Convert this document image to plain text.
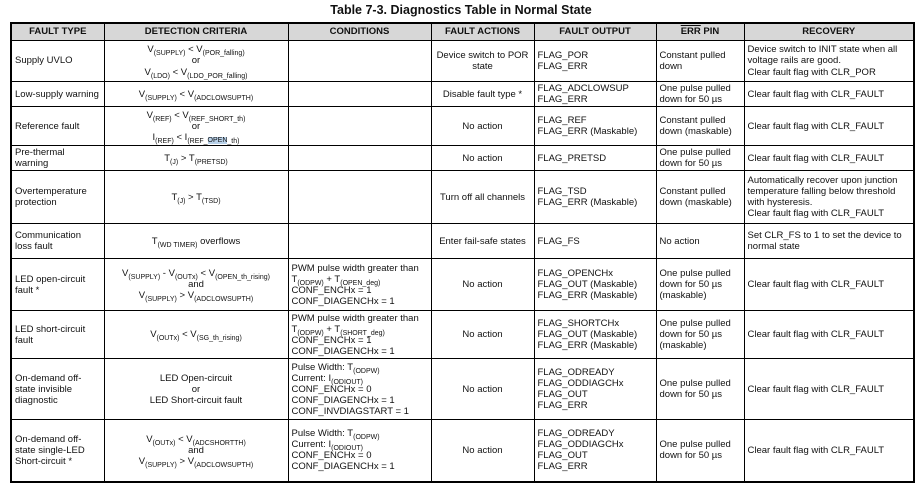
Table 7-3. Diagnostics Table in Normal State
FAULT TYPE	DETECTION CRITERIA	CONDITIONS	FAULT ACTIONS	FAULT OUTPUT	$\overline{ERR}$ PIN	RECOVERY

Supply UVLO	$V_{(SUPPLY)} < V_{(POR\_falling)}$
or
$V_{(LDO)} < V_{(LDO\_POR\_falling)}$		Device switch to POR state	FLAG_POR
FLAG_ERR	Constant pulled down	Device switch to INIT state when all voltage rails are good.
Clear fault flag with CLR_POR

Low-supply warning	$V_{(SUPPLY)} < V_{(ADCLOWSUPTH)}$		Disable fault type *	FLAG_ADCLOWSUP
FLAG_ERR	One pulse pulled down for 50 µs	Clear fault flag with CLR_FAULT

Reference fault	$V_{(REF)} < V_{(REF\_SHORT\_th)}$
or
$I_{(REF)} < I_{(REF\_OPEN\_th)}$		No action	FLAG_REF
FLAG_ERR (Maskable)	Constant pulled down (maskable)	Clear fault flag with CLR_FAULT

Pre-thermal warning	$T_{(J)} > T_{(PRETSD)}$		No action	FLAG_PRETSD	One pulse pulled down for 50 µs	Clear fault flag with CLR_FAULT

Overtemperature protection	$T_{(J)} > T_{(TSD)}$		Turn off all channels	FLAG_TSD
FLAG_ERR (Maskable)	Constant pulled down (maskable)	Automatically recover upon junction temperature falling below threshold with hysteresis.
Clear fault flag with CLR_FAULT

Communication loss fault	$T_{(WD TIMER)}$ overflows		Enter fail-safe states	FLAG_FS	No action	Set CLR_FS to 1 to set the device to normal state

LED open-circuit fault *	$V_{(SUPPLY)} - V_{(OUTx)} < V_{(OPEN\_th\_rising)}$
and
$V_{(SUPPLY)} > V_{(ADCLOWSUPTH)}$	PWM pulse width greater than
$T_{(ODPW)} + T_{(OPEN\_deg)}$
CONF_ENCHx = 1
CONF_DIAGENCHx = 1	No action	FLAG_OPENCHx
FLAG_OUT (Maskable)
FLAG_ERR (Maskable)	One pulse pulled down for 50 µs (maskable)	Clear fault flag with CLR_FAULT

LED short-circuit fault	$V_{(OUTx)} < V_{(SG\_th\_rising)}$	PWM pulse width greater than
$T_{(ODPW)} + T_{(SHORT\_deg)}$
CONF_ENCHx = 1
CONF_DIAGENCHx = 1	No action	FLAG_SHORTCHx
FLAG_OUT (Maskable)
FLAG_ERR (Maskable)	One pulse pulled down for 50 µs (maskable)	Clear fault flag with CLR_FAULT

On-demand off-state invisible diagnostic	LED Open-circuit
or
LED Short-circuit fault	Pulse Width: $T_{(ODPW)}$
Current: $I_{(ODIOUT)}$
CONF_ENCHx = 0
CONF_DIAGENCHx = 1
CONF_INVDIAGSTART = 1	No action	FLAG_ODREADY
FLAG_ODDIAGCHx
FLAG_OUT
FLAG_ERR	One pulse pulled down for 50 µs	Clear fault flag with CLR_FAULT

On-demand off-state single-LED Short-circuit *	$V_{(OUTx)} < V_{(ADCSHORTTH)}$
and
$V_{(SUPPLY)} > V_{(ADCLOWSUPTH)}$	Pulse Width: $T_{(ODPW)}$
Current: $I_{(ODIOUT)}$
CONF_ENCHx = 0
CONF_DIAGENCHx = 1	No action	FLAG_ODREADY
FLAG_ODDIAGCHx
FLAG_OUT
FLAG_ERR	One pulse pulled down for 50 µs	Clear fault flag with CLR_FAULT
